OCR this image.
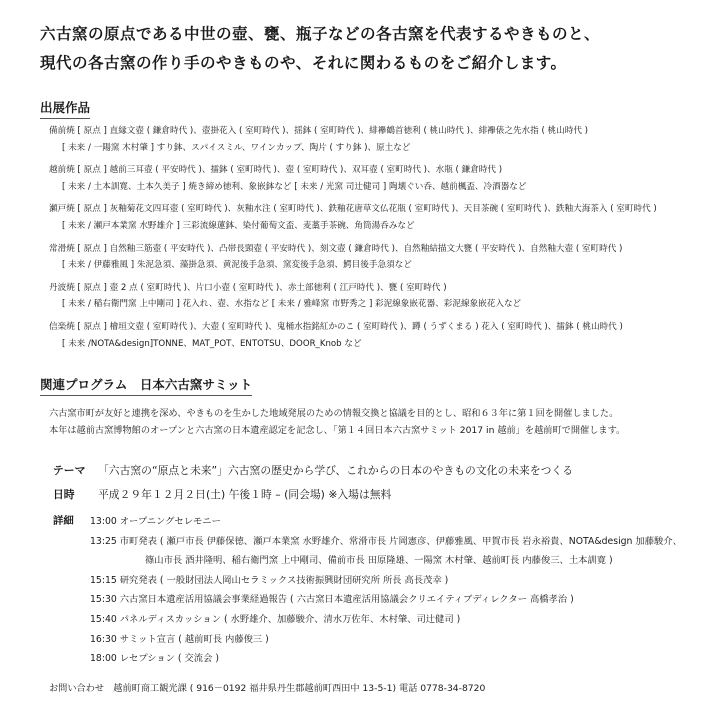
六古窯の原点である中世の壺、甕、瓶子などの各古窯を代表するやきものと、
現代の各古窯の作り手のやきものや、それに関わるものをご紹介します。
出展作品
備前焼 [ 原点 ] 直縁文壺 ( 鎌倉時代 )、壺掛花入 ( 室町時代 )、揺鉢 ( 室町時代 )、緋襷鶴首徳利 ( 桃山時代 )、緋襷俵之先水指 ( 桃山時代 )
[ 未来 / 一陽窯 木村肇 ] すり鉢、スパイスミル、ワインカップ、陶片 ( すり鉢 )、原土など
越前焼 [ 原点 ] 越前三耳壺 ( 平安時代 )、擂鉢 ( 室町時代 )、壺 ( 室町時代 )、双耳壺 ( 室町時代 )、水瓶 ( 鎌倉時代 )
[ 未来 / 土本訓寛、土本久美子 ] 焼き締め徳利、象嵌鉢など [ 未来 / 光窯 司辻健司 ] 陶壊ぐい呑、越前楓盃、冷酒器など
瀬戸焼 [ 原点 ] 灰釉菊花文四耳壺 ( 室町時代 )、灰釉水注 ( 室町時代 )、鉄釉花唐草文仏花瓶 ( 室町時代 )、天目茶碗 ( 室町時代 )、鉄釉大海茶入 ( 室町時代 )
[ 未来 / 瀬戸本業窯 水野雄介 ] 三彩流線蓮鉢、染付葡萄文盃、麦藁手茶碗、角筒湯呑みなど
常滑焼 [ 原点 ] 自然釉三筋壺 ( 平安時代 )、凸帯長頸壺 ( 平安時代 )、刻文壺 ( 鎌倉時代 )、自然釉結描文大甕 ( 平安時代 )、自然釉大壺 ( 室町時代 )
[ 未来 / 伊藤雅風 ] 朱泥急須、藻掛急須、黄泥後手急須、窯変後手急須、鰐目後手急須など
丹波焼 [ 原点 ] 壺 2 点 ( 室町時代 )、片口小壺 ( 室町時代 )、赤土部徳利 ( 江戸時代 )、甕 ( 室町時代 )
[ 未来 / 稲右衛門窯 上中剛司 ] 花入れ、壺、水指など [ 未来 / 雅峰窯 市野秀之 ] 彩泥線象嵌花器、彩泥線象嵌花入など
信楽焼 [ 原点 ] 檜垣文壺 ( 室町時代 )、大壺 ( 室町時代 )、鬼桶水指銘紅かのこ ( 室町時代 )、蹲 ( うずくまる ) 花入 ( 室町時代 )、擂鉢 ( 桃山時代 )
[ 未来 /NOTA&design]TONNE、MAT_POT、ENTOTSU、DOOR_Knob など
関連プログラム　日本六古窯サミット
六古窯市町が友好と連携を深め、やきものを生かした地域発展のための情報交換と協議を目的とし、昭和６３年に第１回を開催しました。
本年は越前古窯博物館のオープンと六古窯の日本遺産認定を記念し、「第１４回日本六古窯サミット 2017 in 越前」を越前町で開催します。
テーマ 「六古窯の“原点と未来”」六古窯の歴史から学び、これからの日本のやきもの文化の未来をつくる
日時 平成２９年１２月２日(土) 午後１時 – (同会場) ※入場は無料
詳細 13:00 オープニングセレモニー
13:25 市町発表 ( 瀬戸市長 伊藤保徳、瀬戸本業窯 水野雄介、常滑市長 片岡憲彦、伊藤雅風、甲賀市長 岩永裕貴、NOTA&design 加藤駿介、
篠山市長 酒井隆明、稲右衛門窯 上中剛司、備前市長 田原隆雄、一陽窯 木村肇、越前町長 内藤俊三、土本訓寛 )
15:15 研究発表 ( 一般財団法人岡山セラミックス技術振興財団研究所 所長 高長茂幸 )
15:30 六古窯日本遺産活用協議会事業経過報告 ( 六古窯日本遺産活用協議会クリエイティブディレクター 高橋孝治 )
15:40 パネルディスカッション ( 水野雄介、加藤駿介、清水万佐年、木村肇、司辻健司 )
16:30 サミット宣言 ( 越前町長 内藤俊三 )
18:00 レセプション ( 交流会 )
お問い合わせ　越前町商工観光課 ( 916－0192 福井県丹生郡越前町西田中 13-5-1) 電話 0778-34-8720
